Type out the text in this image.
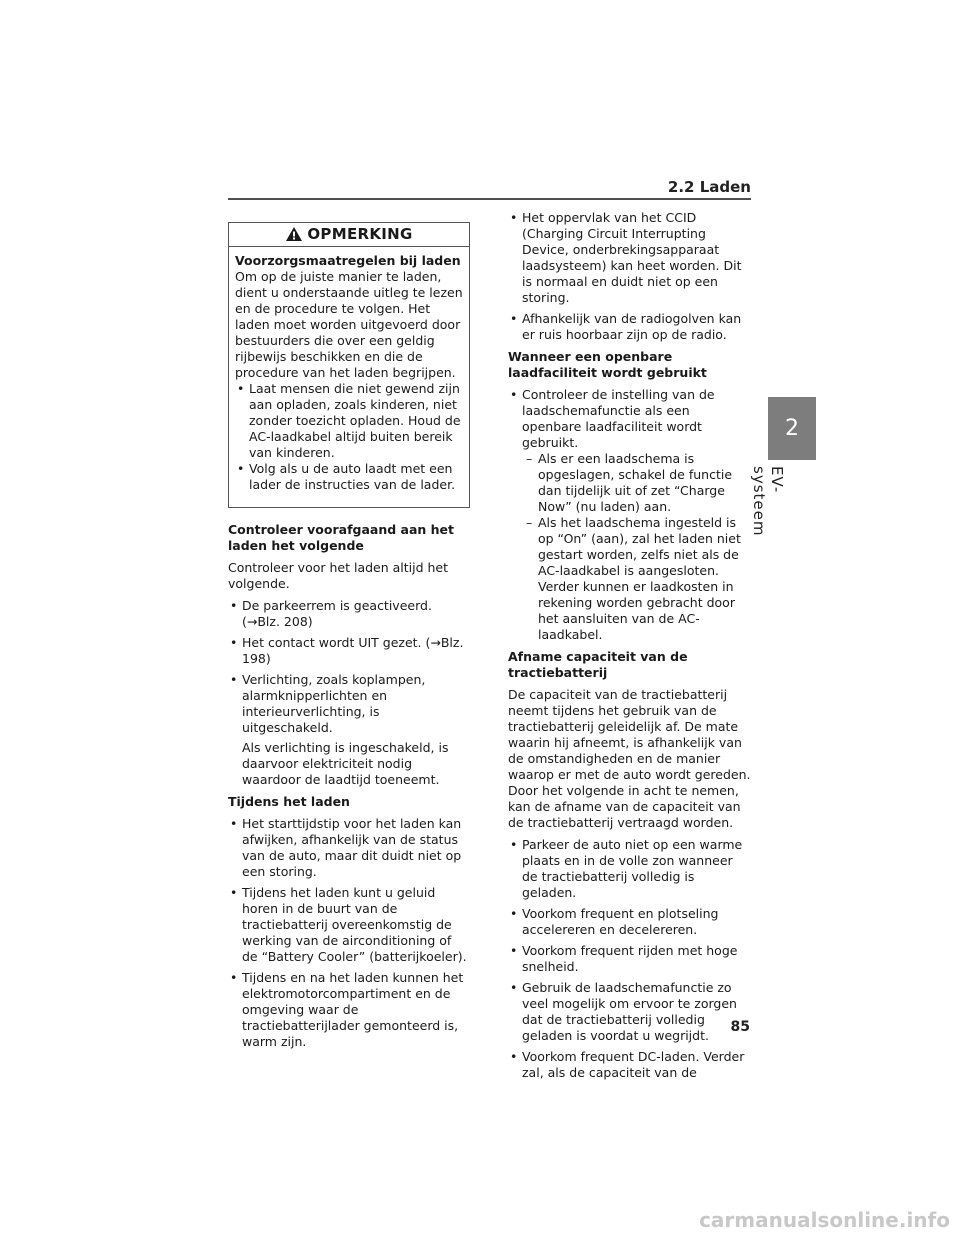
2.2 Laden
2
EV-systeem
OPMERKING

Voorzorgsmaatregelen bij laden

Om op de juiste manier te laden, dient u onderstaande uitleg te lezen en de procedure te volgen. Het laden moet worden uitgevoerd door bestuurders die over een geldig rijbewijs beschikken en die de procedure van het laden begrijpen.

• Laat mensen die niet gewend zijn aan opladen, zoals kinderen, niet zonder toezicht opladen. Houd de AC-laadkabel altijd buiten bereik van kinderen.
• Volg als u de auto laadt met een lader de instructies van de lader.
Controleer voorafgaand aan het laden het volgende

Controleer voor het laden altijd het volgende.

• De parkeerrem is geactiveerd. (→Blz. 208)
• Het contact wordt UIT gezet. (→Blz. 198)
• Verlichting, zoals koplampen, alarmknipperlichten en interieurverlichting, is uitgeschakeld.

Als verlichting is ingeschakeld, is daarvoor elektriciteit nodig waardoor de laadtijd toeneemt.

Tijdens het laden
• Het starttijdstip voor het laden kan afwijken, afhankelijk van de status van de auto, maar dit duidt niet op een storing.
• Tijdens het laden kunt u geluid horen in de buurt van de tractiebatterij overeenkomstig de werking van de airconditioning of de “Battery Cooler” (batterijkoeler).
• Tijdens en na het laden kunnen het elektromotorcompartiment en de omgeving waar de tractiebatterijlader gemonteerd is, warm zijn.
• Het oppervlak van het CCID (Charging Circuit Interrupting Device, onderbrekingsapparaat laadsysteem) kan heet worden. Dit is normaal en duidt niet op een storing.
• Afhankelijk van de radiogolven kan er ruis hoorbaar zijn op de radio.
Wanneer een openbare laadfaciliteit wordt gebruikt
• Controleer de instelling van de laadschemafunctie als een openbare laadfaciliteit wordt gebruikt.
– Als er een laadschema is opgeslagen, schakel de functie dan tijdelijk uit of zet “Charge Now” (nu laden) aan.
– Als het laadschema ingesteld is op “On” (aan), zal het laden niet gestart worden, zelfs niet als de AC-laadkabel is aangesloten. Verder kunnen er laadkosten in rekening worden gebracht door het aansluiten van de AC-laadkabel.
Afname capaciteit van de tractiebatterij

De capaciteit van de tractiebatterij neemt tijdens het gebruik van de tractiebatterij geleidelijk af. De mate waarin hij afneemt, is afhankelijk van de omstandigheden en de manier waarop er met de auto wordt gereden. Door het volgende in acht te nemen, kan de afname van de capaciteit van de tractiebatterij vertraagd worden.

• Parkeer de auto niet op een warme plaats en in de volle zon wanneer de tractiebatterij volledig is geladen.
• Voorkom frequent en plotseling accelereren en decelereren.
• Voorkom frequent rijden met hoge snelheid.
• Gebruik de laadschemafunctie zo veel mogelijk om ervoor te zorgen dat de tractiebatterij volledig geladen is voordat u wegrijdt.
• Voorkom frequent DC-laden. Verder zal, als de capaciteit van de
85
carmanualsonline.info
